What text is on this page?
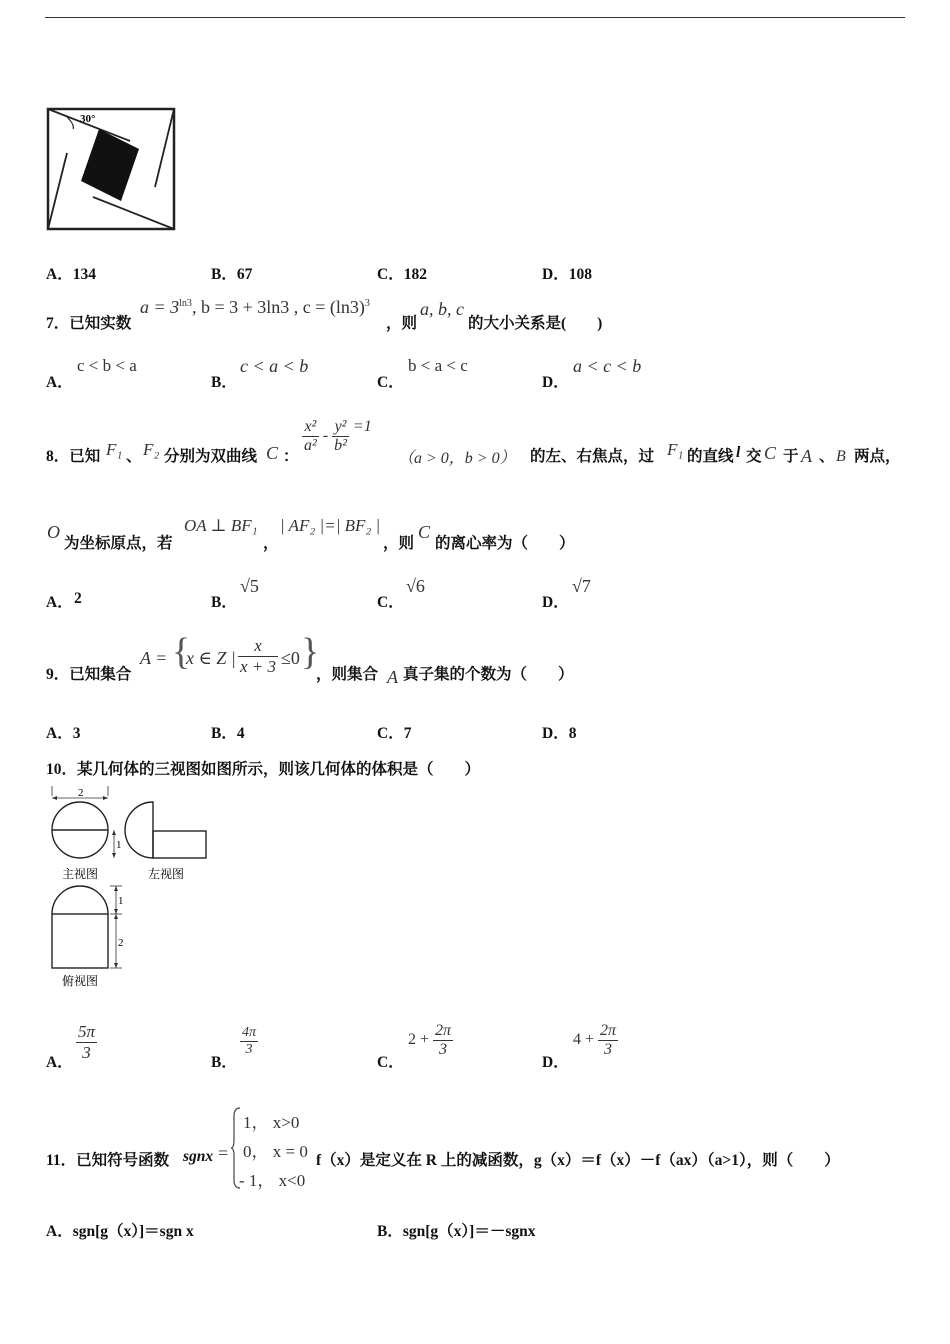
30°
A．134	B．67	C．182	D．108
7．已知实数
$a = 3^{ln3}$, b = 3 + 3ln3 , $c = (\ln 3)^3$
，则
a, b, c
的大小关系是(　　)
A．
c < b < a
B．
c < a < b
C．
b < a < c
D．
a < c < b
8．已知 F₁ 、 F₂ 分别为双曲线 C ：
$\frac{\text{x²}}{\text{a²}} - \frac{\text{y²}}{\text{b²}} =1$
（a > 0，b > 0） 的左、右焦点，过 F₁ 的直线 l 交 C 于 A 、 B 两点，
O
为坐标原点，若
OA ⊥ BF₁
，
| AF₂ |=| BF₂ |
，则
C
的离心率为（　　）
A． 2	B．
√5
C．
√6
D．
√7
9．已知集合
A = {
x ∈ Z | $\frac{x}{x + 3} \le 0$ }
，则集合 A 真子集的个数为（　　）
A．3	B．4	C．7	D．8
10．某几何体的三视图如图所示，则该几何体的体积是（　　）
2
1
主视图	左视图
1
2
俯视图
A． $\frac{5\pi}{3}$	B．
$\frac{4\pi}{3}$
C．
$2 + \frac{2\pi}{3}$
D．
$4 + \frac{2\pi}{3}$
11．已知符号函数 sgnx =
1， x>0
0， x = 0
- 1， x<0
f（x）是定义在 R 上的减函数，g（x）＝f（x）－f（ax）（a>1），则（　　）
A．sgn[g（x）]＝sgn x	B．sgn[g（x）]＝－sgnx
